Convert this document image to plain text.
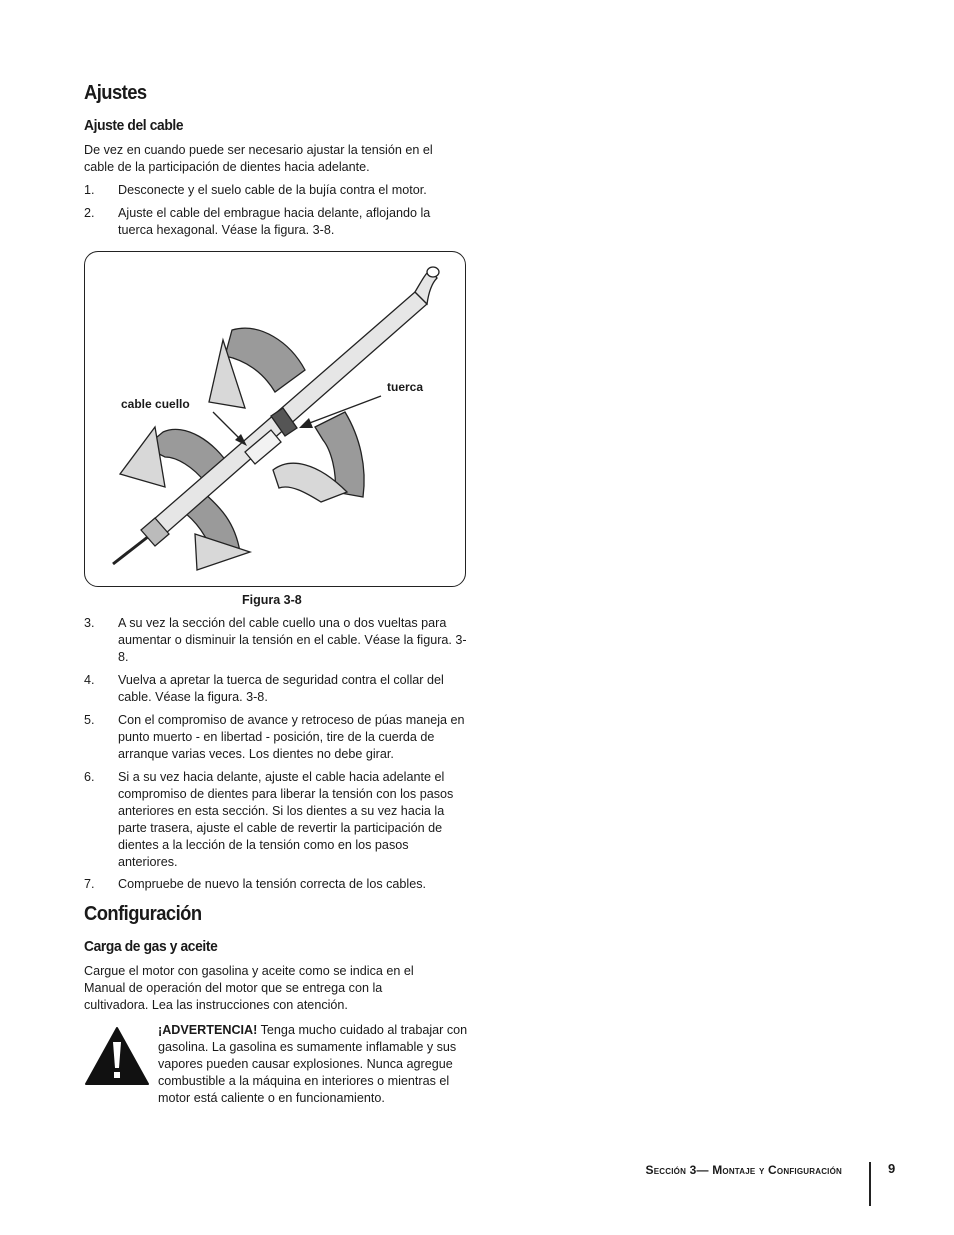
Ajustes
Ajuste del cable

De vez en cuando puede ser necesario ajustar la tensión en el cable de la participación de dientes hacia adelante.

1. Desconecte y el suelo cable de la bujía contra el motor.
2. Ajuste el cable del embrague hacia delante, aflojando la tuerca hexagonal. Véase la figura. 3-8.
cable cuello
tuerca
Figura 3-8
3. A su vez la sección del cable cuello una o dos vueltas para aumentar o disminuir la tensión en el cable. Véase la figura. 3-8.
4. Vuelva a apretar la tuerca de seguridad contra el collar del cable. Véase la figura. 3-8.
5. Con el compromiso de avance y retroceso de púas maneja en punto muerto - en libertad - posición, tire de la cuerda de arranque varias veces. Los dientes no debe girar.
6. Si a su vez hacia delante, ajuste el cable hacia adelante el compromiso de dientes para liberar la tensión con los pasos anteriores en esta sección. Si los dientes a su vez hacia la parte trasera, ajuste el cable de revertir la participación de dientes a la lección de la tensión como en los pasos anteriores.
7. Compruebe de nuevo la tensión correcta de los cables.
Configuración
Carga de gas y aceite

Cargue el motor con gasolina y aceite como se indica en el Manual de operación del motor que se entrega con la cultivadora. Lea las instrucciones con atención.

¡ADVERTENCIA! Tenga mucho cuidado al trabajar con gasolina. La gasolina es sumamente inflamable y sus vapores pueden causar explosiones. Nunca agregue combustible a la máquina en interiores o mientras el motor está caliente o en funcionamiento.
Sección 3— Montaje y Configuración	9
